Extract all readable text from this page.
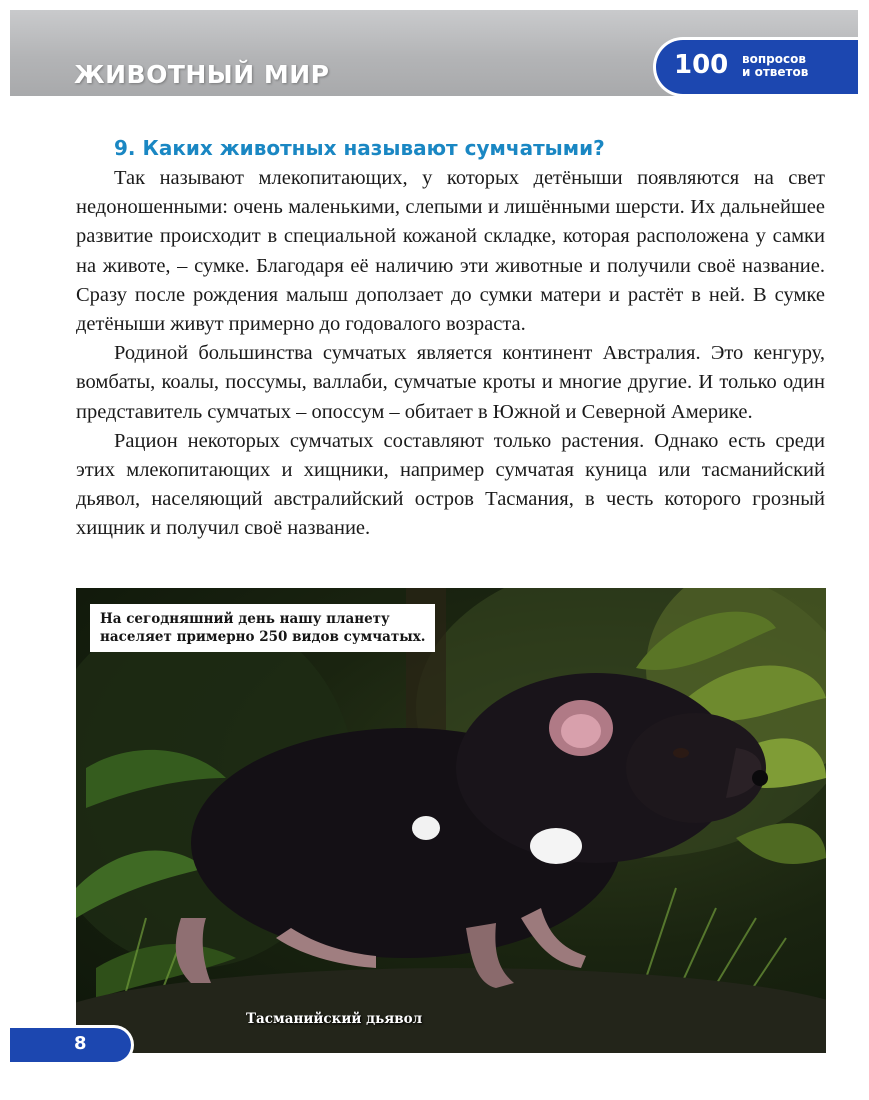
ЖИВОТНЫЙ МИР	100 вопросов
и ответов
9. Каких животных называют сумчатыми?

Так называют млекопитающих, у которых детёныши появляются на свет недоношенными: очень маленькими, слепыми и лишёнными шерсти. Их дальнейшее развитие происходит в специальной кожаной складке, которая расположена у самки на животе, – сумке. Благодаря её наличию эти животные и получили своё название. Сразу после рождения малыш доползает до сумки матери и растёт в ней. В сумке детёныши живут примерно до годовалого возраста.

Родиной большинства сумчатых является континент Австралия. Это кенгуру, вомбаты, коалы, поссумы, валлаби, сумчатые кроты и многие другие. И только один представитель сумчатых – опоссум – обитает в Южной и Северной Америке.

Рацион некоторых сумчатых составляют только растения. Однако есть среди этих млекопитающих и хищники, например сумчатая куница или тасманийский дьявол, населяющий австралийский остров Тасмания, в честь которого грозный хищник и получил своё название.

На сегодняшний день нашу планету
населяет примерно 250 видов сумчатых.
Тасманийский дьявол
8
